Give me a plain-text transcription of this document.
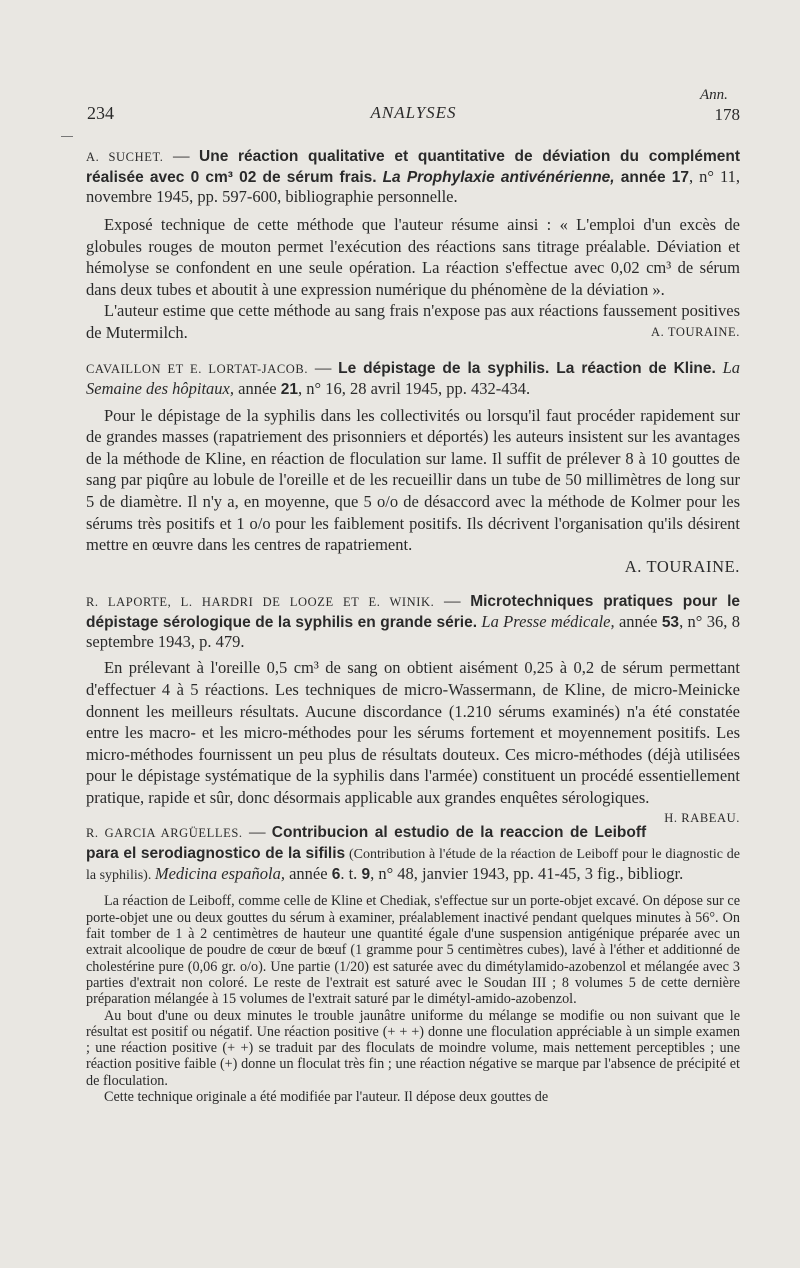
Ann.
234	ANALYSES	178
A. SUCHET. — Une réaction qualitative et quantitative de déviation du complément réalisée avec 0 cm³ 02 de sérum frais. La Prophylaxie antivénérienne, année 17, n° 11, novembre 1945, pp. 597-600, bibliographie personnelle.

Exposé technique de cette méthode que l'auteur résume ainsi : « L'emploi d'un excès de globules rouges de mouton permet l'exécution des réactions sans titrage préalable. Déviation et hémolyse se confondent en une seule opération. La réaction s'effectue avec 0,02 cm³ de sérum dans deux tubes et aboutit à une expression numérique du phénomène de la déviation ».

L'auteur estime que cette méthode au sang frais n'expose pas aux réactions faussement positives de Mutermilch.	A. TOURAINE.

CAVAILLON ET E. LORTAT-JACOB. — Le dépistage de la syphilis. La réaction de Kline. La Semaine des hôpitaux, année 21, n° 16, 28 avril 1945, pp. 432-434.

Pour le dépistage de la syphilis dans les collectivités ou lorsqu'il faut procéder rapidement sur de grandes masses (rapatriement des prisonniers et déportés) les auteurs insistent sur les avantages de la méthode de Kline, en réaction de floculation sur lame. Il suffit de prélever 8 à 10 gouttes de sang par piqûre au lobule de l'oreille et de les recueillir dans un tube de 50 millimètres de long sur 5 de diamètre. Il n'y a, en moyenne, que 5 o/o de désaccord avec la méthode de Kolmer pour les sérums très positifs et 1 o/o pour les faiblement positifs. Ils décrivent l'organisation qu'ils désirent mettre en œuvre dans les centres de rapatriement.

A. TOURAINE.
R. LAPORTE, L. HARDRI DE LOOZE ET E. WINIK. — Microtechniques pratiques pour le dépistage sérologique de la syphilis en grande série. La Presse médicale, année 53, n° 36, 8 septembre 1943, p. 479.

En prélevant à l'oreille 0,5 cm³ de sang on obtient aisément 0,25 à 0,2 de sérum permettant d'effectuer 4 à 5 réactions. Les techniques de micro-Wassermann, de Kline, de micro-Meinicke donnent les meilleurs résultats. Aucune discordance (1.210 sérums examinés) n'a été constatée entre les macro- et les micro-méthodes pour les sérums fortement et moyennement positifs. Les micro-méthodes fournissent un peu plus de résultats douteux. Ces micro-méthodes (déjà utilisées pour le dépistage systématique de la syphilis dans l'armée) constituent un procédé essentiellement pratique, rapide et sûr, donc désormais applicable aux grandes enquêtes sérologiques.
H. RABEAU.

R. GARCIA ARGÜELLES. — Contribucion al estudio de la reaccion de Leiboff para el serodiagnostico de la sifilis (Contribution à l'étude de la réaction de Leiboff pour le diagnostic de la syphilis). Medicina española, année 6. t. 9, n° 48, janvier 1943, pp. 41-45, 3 fig., bibliogr.

La réaction de Leiboff, comme celle de Kline et Chediak, s'effectue sur un porte-objet excavé. On dépose sur ce porte-objet une ou deux gouttes du sérum à examiner, préalablement inactivé pendant quelques minutes à 56°. On fait tomber de 1 à 2 centimètres de hauteur une quantité égale d'une suspension antigénique préparée avec un extrait alcoolique de poudre de cœur de bœuf (1 gramme pour 5 centimètres cubes), lavé à l'éther et additionné de cholestérine pure (0,06 gr. o/o). Une partie (1/20) est saturée avec du dimétylamido-azobenzol et mélangée avec 3 parties d'extrait non coloré. Le reste de l'extrait est saturé avec le Soudan III ; 8 volumes 5 de cette dernière préparation mélangée à 15 volumes de l'extrait saturé par le dimétyl-amido-azobenzol.

Au bout d'une ou deux minutes le trouble jaunâtre uniforme du mélange se modifie ou non suivant que le résultat est positif ou négatif. Une réaction positive (+ + +) donne une floculation appréciable à un simple examen ; une réaction positive (+ +) se traduit par des floculats de moindre volume, mais nettement perceptibles ; une réaction positive faible (+) donne un floculat très fin ; une réaction négative se marque par l'absence de précipité et de floculation.

Cette technique originale a été modifiée par l'auteur. Il dépose deux gouttes de
